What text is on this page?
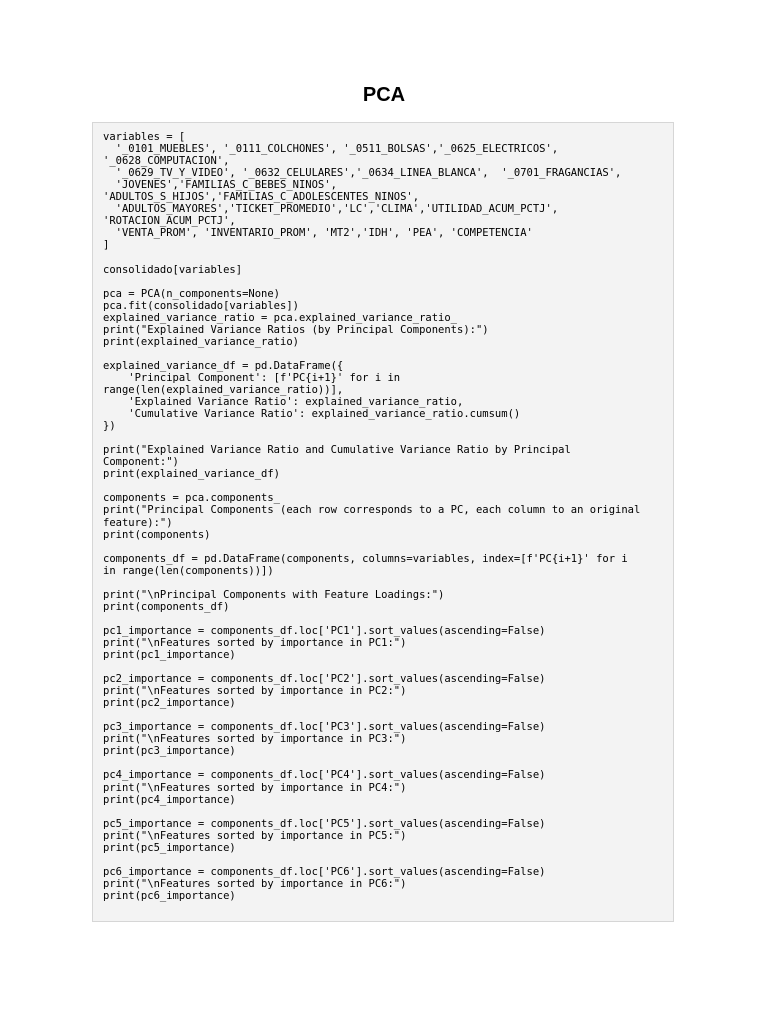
PCA
variables = [
'_0101_MUEBLES', '_0111_COLCHONES', '_0511_BOLSAS','_0625_ELECTRICOS',
'_0628_COMPUTACION',
'_0629_TV_Y_VIDEO', '_0632_CELULARES','_0634_LINEA_BLANCA',  '_0701_FRAGANCIAS',
'JOVENES','FAMILIAS_C_BEBES_NINOS',
'ADULTOS_S_HIJOS','FAMILIAS_C_ADOLESCENTES_NINOS',
'ADULTOS_MAYORES','TICKET_PROMEDIO','LC','CLIMA','UTILIDAD_ACUM_PCTJ',
'ROTACION_ACUM_PCTJ',
'VENTA_PROM', 'INVENTARIO_PROM', 'MT2','IDH', 'PEA', 'COMPETENCIA'
]
consolidado[variables]
pca = PCA(n_components=None)
pca.fit(consolidado[variables])
explained_variance_ratio = pca.explained_variance_ratio_
print("Explained Variance Ratios (by Principal Components):")
print(explained_variance_ratio)
explained_variance_df = pd.DataFrame({
'Principal Component': [f'PC{i+1}' for i in
range(len(explained_variance_ratio))],
'Explained Variance Ratio': explained_variance_ratio,
'Cumulative Variance Ratio': explained_variance_ratio.cumsum()
})
print("Explained Variance Ratio and Cumulative Variance Ratio by Principal
Component:")
print(explained_variance_df)
components = pca.components_
print("Principal Components (each row corresponds to a PC, each column to an original
feature):")
print(components)
components_df = pd.DataFrame(components, columns=variables, index=[f'PC{i+1}' for i
in range(len(components))])
print("\nPrincipal Components with Feature Loadings:")
print(components_df)
pc1_importance = components_df.loc['PC1'].sort_values(ascending=False)
print("\nFeatures sorted by importance in PC1:")
print(pc1_importance)
pc2_importance = components_df.loc['PC2'].sort_values(ascending=False)
print("\nFeatures sorted by importance in PC2:")
print(pc2_importance)
pc3_importance = components_df.loc['PC3'].sort_values(ascending=False)
print("\nFeatures sorted by importance in PC3:")
print(pc3_importance)
pc4_importance = components_df.loc['PC4'].sort_values(ascending=False)
print("\nFeatures sorted by importance in PC4:")
print(pc4_importance)
pc5_importance = components_df.loc['PC5'].sort_values(ascending=False)
print("\nFeatures sorted by importance in PC5:")
print(pc5_importance)
pc6_importance = components_df.loc['PC6'].sort_values(ascending=False)
print("\nFeatures sorted by importance in PC6:")
print(pc6_importance)
